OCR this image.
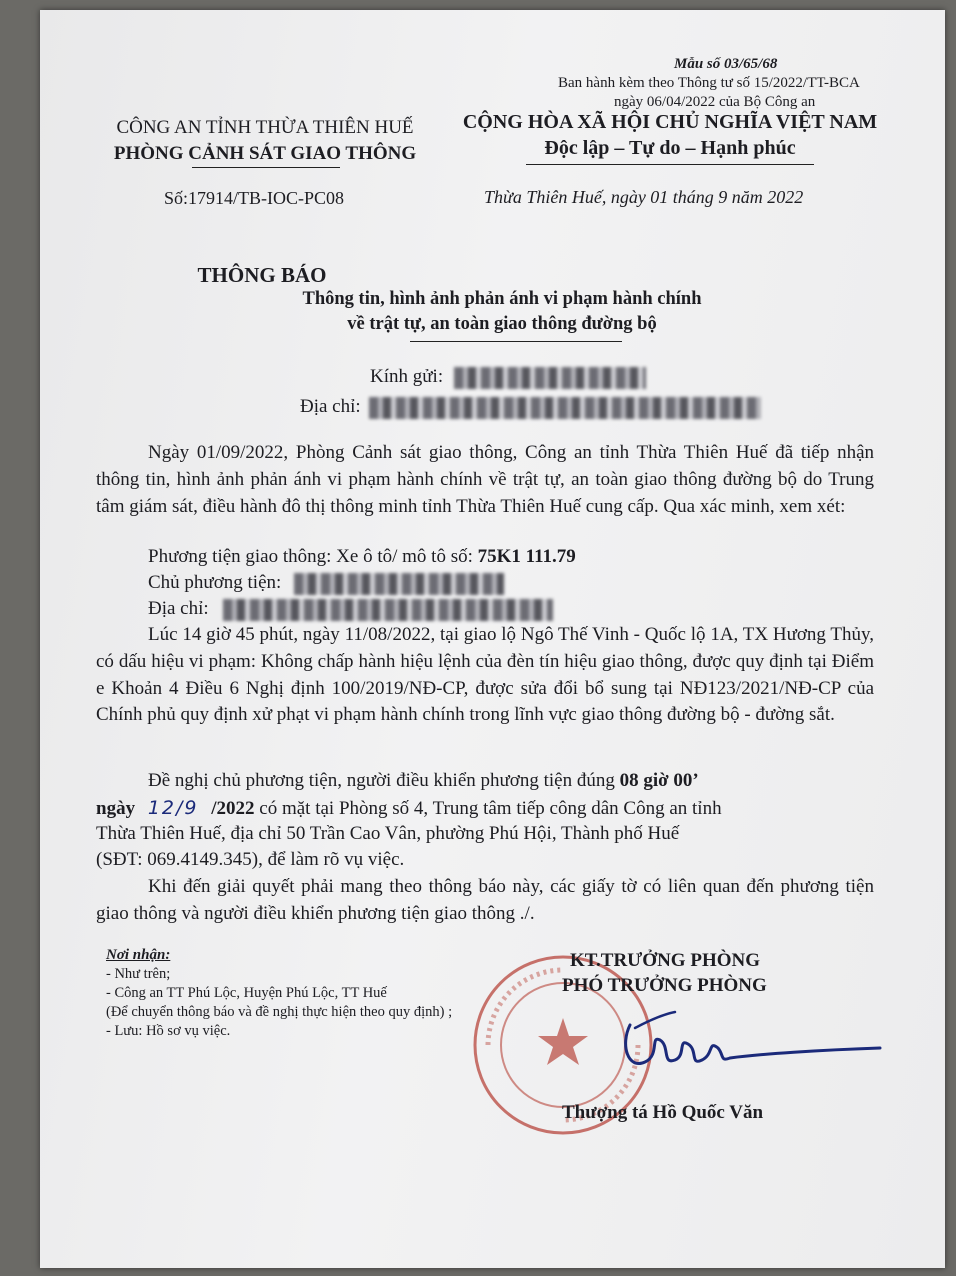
Mẫu số 03/65/68
Ban hành kèm theo Thông tư số 15/2022/TT-BCA
ngày 06/04/2022 của Bộ Công an
CÔNG AN TỈNH THỪA THIÊN HUẾ
PHÒNG CẢNH SÁT GIAO THÔNG
CỘNG HÒA XÃ HỘI CHỦ NGHĨA VIỆT NAM
Độc lập – Tự do – Hạnh phúc
Số:17914/TB-IOC-PC08	Thừa Thiên Huế, ngày 01 tháng 9 năm 2022
THÔNG BÁO
Thông tin, hình ảnh phản ánh vi phạm hành chính
về trật tự, an toàn giao thông đường bộ
Kính gửi:
Địa chỉ:
Ngày 01/09/2022, Phòng Cảnh sát giao thông, Công an tỉnh Thừa Thiên Huế đã tiếp nhận thông tin, hình ảnh phản ánh vi phạm hành chính về trật tự, an toàn giao thông đường bộ do Trung tâm giám sát, điều hành đô thị thông minh tỉnh Thừa Thiên Huế cung cấp. Qua xác minh, xem xét:
Phương tiện giao thông: Xe ô tô/ mô tô số: 75K1 111.79
Chủ phương tiện:
Địa chỉ:
Lúc 14 giờ 45 phút, ngày 11/08/2022, tại giao lộ Ngô Thế Vinh - Quốc lộ 1A, TX Hương Thủy, có dấu hiệu vi phạm: Không chấp hành hiệu lệnh của đèn tín hiệu giao thông, được quy định tại Điểm e Khoản 4 Điều 6 Nghị định 100/2019/NĐ-CP, được sửa đổi bổ sung tại NĐ123/2021/NĐ-CP của Chính phủ quy định xử phạt vi phạm hành chính trong lĩnh vực giao thông đường bộ - đường sắt.
Đề nghị chủ phương tiện, người điều khiển phương tiện đúng 08 giờ 00’
ngày 12/9 /2022 có mặt tại Phòng số 4, Trung tâm tiếp công dân Công an tỉnh
Thừa Thiên Huế, địa chỉ 50 Trần Cao Vân, phường Phú Hội, Thành phố Huế
(SĐT: 069.4149.345), để làm rõ vụ việc.
Khi đến giải quyết phải mang theo thông báo này, các giấy tờ có liên quan đến phương tiện giao thông và người điều khiển phương tiện giao thông ./.
Nơi nhận:
- Như trên;
- Công an TT Phú Lộc, Huyện Phú Lộc, TT Huế
(Để chuyển thông báo và đề nghị thực hiện theo quy định) ;
- Lưu: Hồ sơ vụ việc.
KT.TRƯỞNG PHÒNG
PHÓ TRƯỞNG PHÒNG
Thượng tá Hồ Quốc Văn
